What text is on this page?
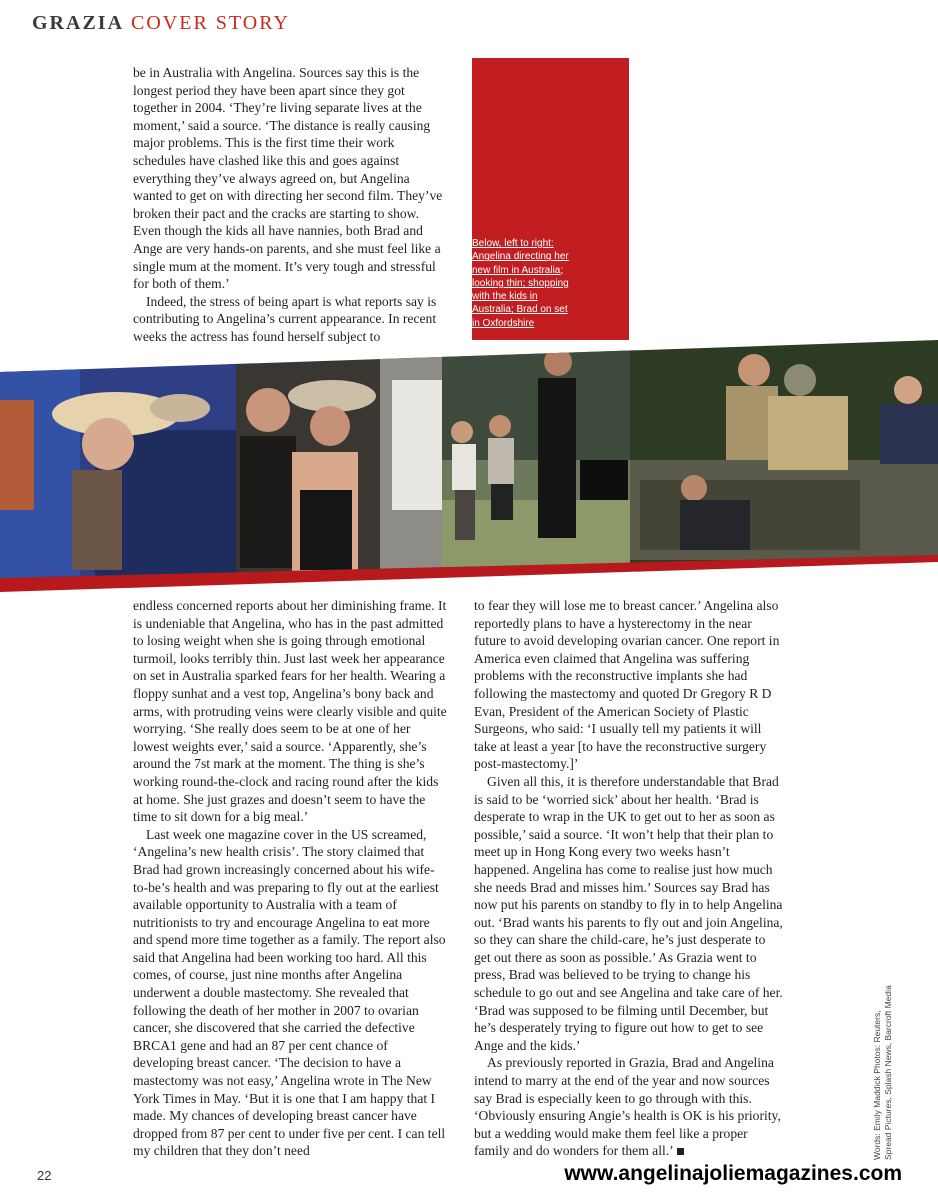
GRAZIA COVER STORY
Below, left to right: Angelina directing her new film in Australia; looking thin; shopping with the kids in Australia; Brad on set in Oxfordshire

be in Australia with Angelina. Sources say this is the longest period they have been apart since they got together in 2004. ‘They’re living separate lives at the moment,’ said a source. ‘The distance is really causing major problems. This is the first time their work schedules have clashed like this and goes against everything they’ve always agreed on, but Angelina wanted to get on with directing her second film. They’ve broken their pact and the cracks are starting to show. Even though the kids all have nannies, both Brad and Ange are very hands-on parents, and she must feel like a single mum at the moment. It’s very tough and stressful for both of them.’

Indeed, the stress of being apart is what reports say is contributing to Angelina’s current appearance. In recent weeks the actress has found herself subject to

endless concerned reports about her diminishing frame. It is undeniable that Angelina, who has in the past admitted to losing weight when she is going through emotional turmoil, looks terribly thin. Just last week her appearance on set in Australia sparked fears for her health. Wearing a floppy sunhat and a vest top, Angelina’s bony back and arms, with protruding veins were clearly visible and quite worrying. ‘She really does seem to be at one of her lowest weights ever,’ said a source. ‘Apparently, she’s around the 7st mark at the moment. The thing is she’s working round-the-clock and racing round after the kids at home. She just grazes and doesn’t seem to have the time to sit down for a big meal.’

Last week one magazine cover in the US screamed, ‘Angelina’s new health crisis’. The story claimed that Brad had grown increasingly concerned about his wife-to-be’s health and was preparing to fly out at the earliest available opportunity to Australia with a team of nutritionists to try and encourage Angelina to eat more and spend more time together as a family. The report also said that Angelina had been working too hard. All this comes, of course, just nine months after Angelina underwent a double mastectomy. She revealed that following the death of her mother in 2007 to ovarian cancer, she discovered that she carried the defective BRCA1 gene and had an 87 per cent chance of developing breast cancer. ‘The decision to have a mastectomy was not easy,’ Angelina wrote in The New York Times in May. ‘But it is one that I am happy that I made. My chances of developing breast cancer have dropped from 87 per cent to under five per cent. I can tell my children that they don’t need

to fear they will lose me to breast cancer.’ Angelina also reportedly plans to have a hysterectomy in the near future to avoid developing ovarian cancer. One report in America even claimed that Angelina was suffering problems with the reconstructive implants she had following the mastectomy and quoted Dr Gregory R D Evan, President of the American Society of Plastic Surgeons, who said: ‘I usually tell my patients it will take at least a year [to have the reconstructive surgery post-mastectomy.]’

Given all this, it is therefore understandable that Brad is said to be ‘worried sick’ about her health. ‘Brad is desperate to wrap in the UK to get out to her as soon as possible,’ said a source. ‘It won’t help that their plan to meet up in Hong Kong every two weeks hasn’t happened. Angelina has come to realise just how much she needs Brad and misses him.’ Sources say Brad has now put his parents on standby to fly in to help Angelina out. ‘Brad wants his parents to fly out and join Angelina, so they can share the child-care, he’s just desperate to get out there as soon as possible.’ As Grazia went to press, Brad was believed to be trying to change his schedule to go out and see Angelina and take care of her. ‘Brad was supposed to be filming until December, but he’s desperately trying to figure out how to get to see Ange and the kids.’

As previously reported in Grazia, Brad and Angelina intend to marry at the end of the year and now sources say Brad is especially keen to go through with this. ‘Obviously ensuring Angie’s health is OK is his priority, but a wedding would make them feel like a proper family and do wonders for them all.’	Words: Emily Maddick Photos: Reuters, Spread Pictures, Splash News, Barcroft Media
22	www.angelinajoliemagazines.com
